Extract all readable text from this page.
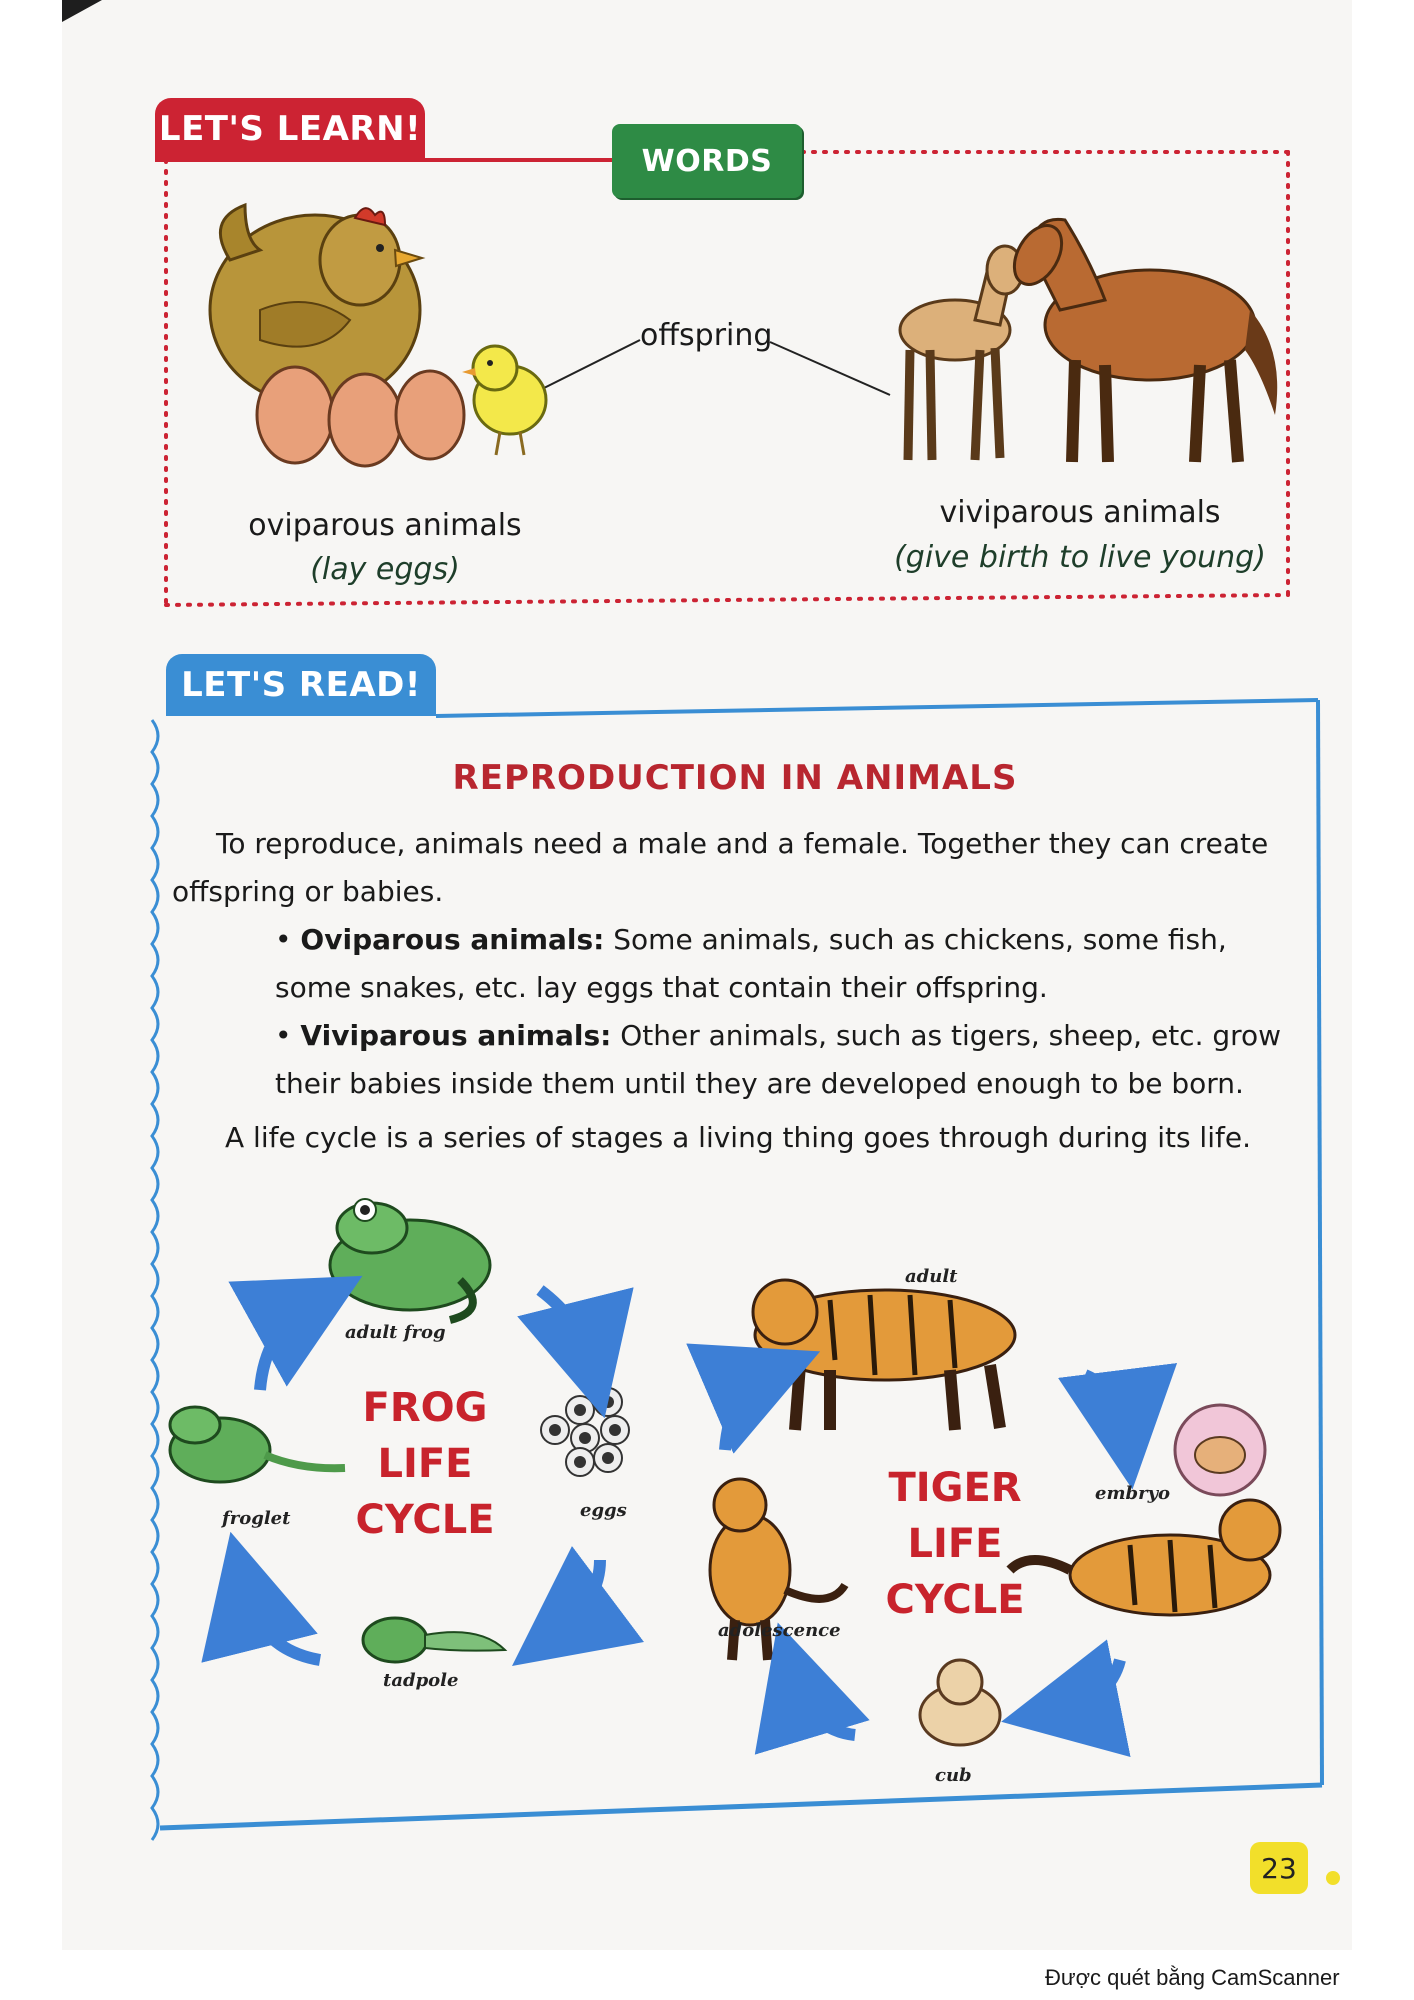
LET'S LEARN!
WORDS
offspring
oviparous animals
(lay eggs)
viviparous animals
(give birth to live young)
LET'S READ!
REPRODUCTION IN ANIMALS
To reproduce, animals need a male and a female. Together they can create offspring or babies.
• Oviparous animals: Some animals, such as chickens, some fish, some snakes, etc. lay eggs that contain their offspring.
• Viviparous animals: Other animals, such as tigers, sheep, etc. grow their babies inside them until they are developed enough to be born.
A life cycle is a series of stages a living thing goes through during its life.
adult frog
eggs
tadpole
froglet
FROG
LIFE
CYCLE
adult
embryo
cub
adolescence
TIGER
LIFE
CYCLE
23
Được quét bằng CamScanner
